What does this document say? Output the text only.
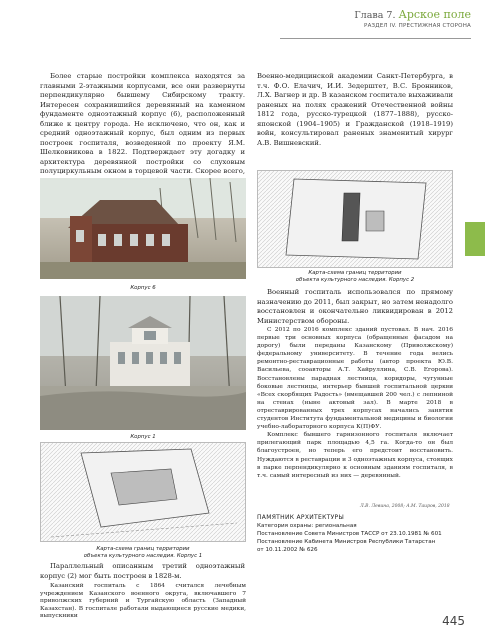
Глава 7. Арское поле
РАЗДЕЛ IV. ПРЕСТИЖНАЯ СТОРОНА

Более старые постройки комплекса находятся за главными 2-этажными корпусами, все они развернуты перпендикулярно бывшему Сибирскому тракту. Интересен сохранившийся деревянный на каменном фундаменте одноэтажный корпус (6), расположенный ближе к центру города. Не исключено, что он, как и средний одноэтажный корпус, был одним из первых построек госпиталя, возведенной по проекту Я.М. Шелковникова в 1822. Подтверждает эту догадку и архитектура деревянной постройки со слуховым полуциркульным окном в торцевой части. Скорее всего,

Корпус 6
Корпус 1

Военно-медицинской академии Санкт-Петербурга, в т.ч. Ф.О. Елачич, И.И. Зедерштет, В.С. Бронников, Л.Х. Вагнер и др. В казанском госпитале выхаживали раненых на полях сражений Отечественной войны 1812 года, русско-турецкой (1877–1888), русско-японской (1904–1905) и Гражданской (1918–1919) войн, консультировал раненых знаменитый хирург А.В. Вишневский.

Карта-схема границ территории
объекта культурного наследия. Корпус 2

Военный госпиталь использовался по прямому назначению до 2011, был закрыт, но затем ненадолго восстановлен и окончательно ликвидирован в 2012 Министерством обороны.

Карта-схема границ территории
объекта культурного наследия. Корпус 1

Параллельный описанным третий одноэтажный корпус (2) мог быть построен в 1828-м.

С 2012 по 2016 комплекс зданий пустовал. В нач. 2016 первые три основных корпуса (обращенные фасадом на дорогу) были переданы Казанскому (Приволжскому) федеральному университету. В течение года велись ремонтно-реставрационные работы (автор проекта Ю.В. Васильева, сооавторы А.Т. Хайруллина, С.В. Егорова). Восстановлены парадная лестница, коридоры, чугунные боковые лестницы, интерьер бывшей госпитальной церкви «Всех скорбящих Радость» (вмещавшей 200 чел.) с лепниной на стенах (ныне актовый зал). В марте 2018 в отреставрированных трех корпусах начались занятия студентов Института фундаментальной медицины и биологии учебно-лабораторного корпуса К(П)ФУ.

Комплекс бывшего гарнизонного госпиталя включает прилегающий парк площадью 4,5 га. Когда-то он был благоустроен, но теперь его предстоит восстановить. Нуждаются в реставрации и 3 одноэтажных корпуса, стоящих в парке перпендикулярно к основным зданиям госпиталя, в т.ч. самый интересный из них — деревянный.

Казанский госпиталь с 1864 считался лечебным учреждением Казанского военного округа, включавшего 7 приволжских губерний и Тургайскую область (Западный Казахстан). В госпитале работали выдающиеся русские медики, выпускники

Л.В. Левина, 2008; А.М. Таиров, 2018
ПАМЯТНИК АРХИТЕКТУРЫ
Категория охраны: региональная
Постановление Совета Министров ТАССР от 23.10.1981 № 601
Постановление Кабинета Министров Республики Татарстан
от 10.11.2002 № 626
445
